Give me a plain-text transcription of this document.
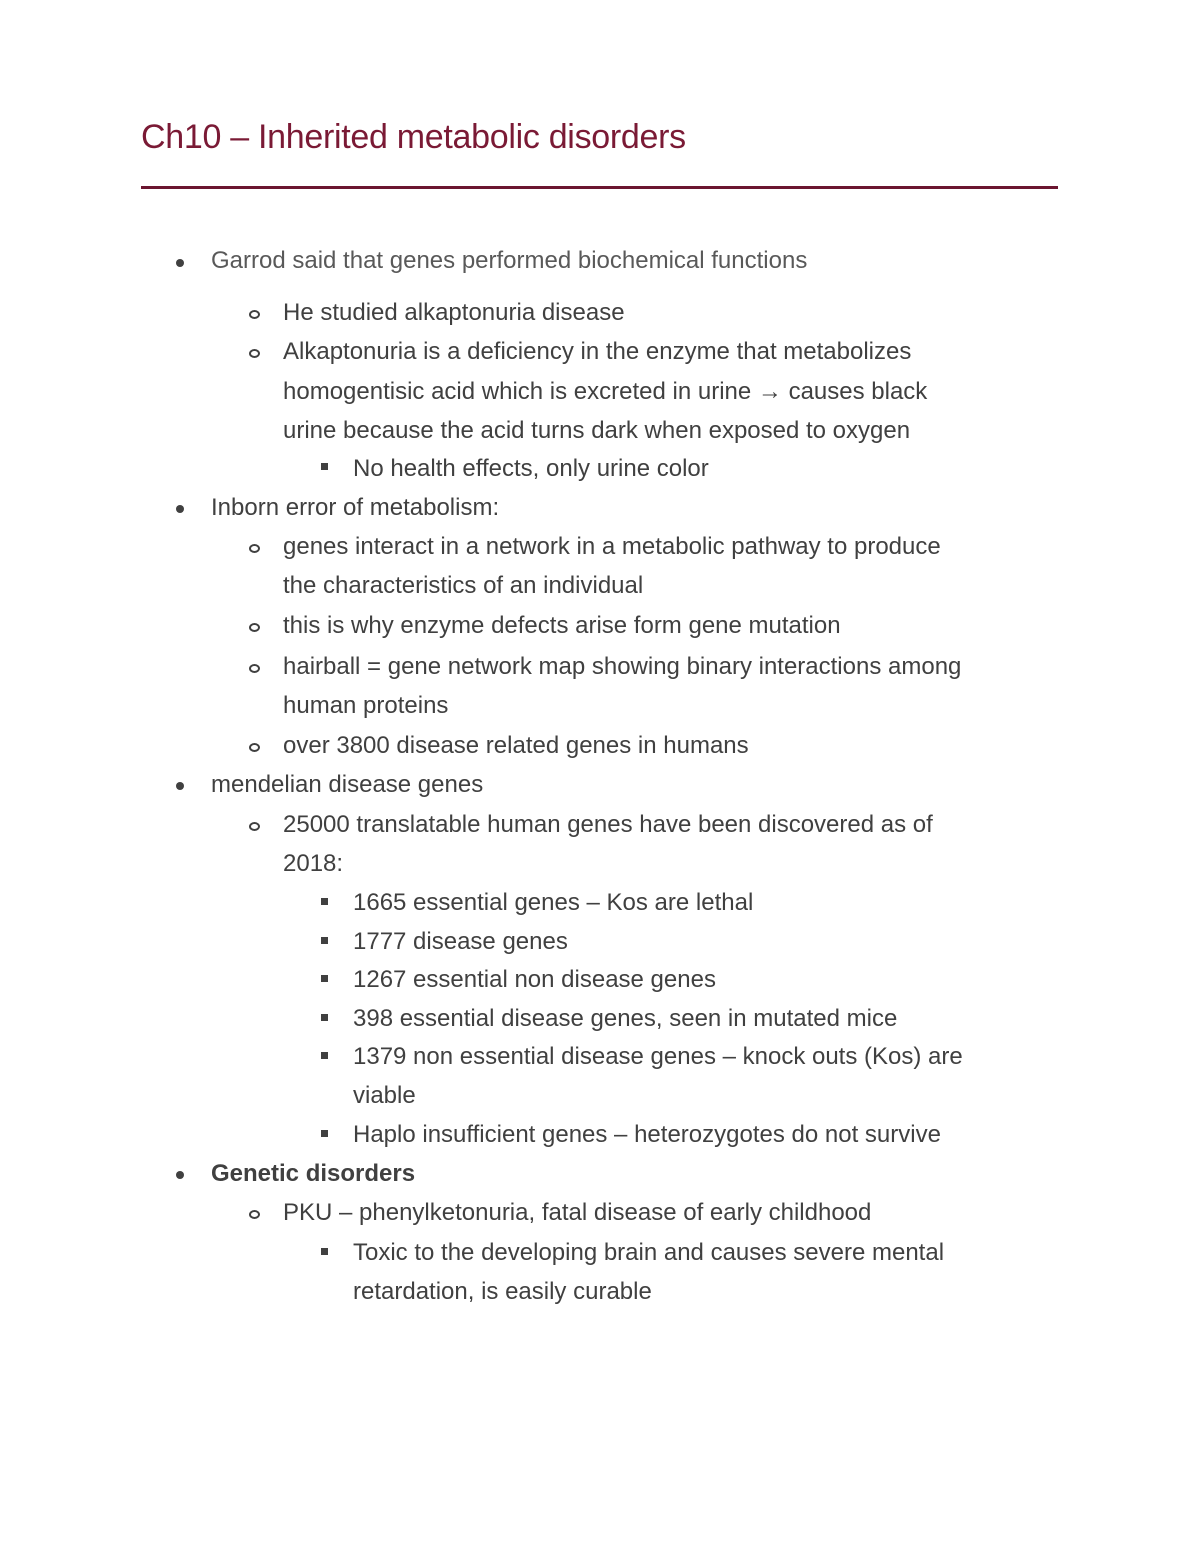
Ch10 – Inherited metabolic disorders
Garrod said that genes performed biochemical functions
He studied alkaptonuria disease
Alkaptonuria is a deficiency in the enzyme that metabolizes
homogentisic acid which is excreted in urine → causes black
urine because the acid turns dark when exposed to oxygen
No health effects, only urine color
Inborn error of metabolism:
genes interact in a network in a metabolic pathway to produce
the characteristics of an individual
this is why enzyme defects arise form gene mutation
hairball = gene network map showing binary interactions among
human proteins
over 3800 disease related genes in humans
mendelian disease genes
25000 translatable human genes have been discovered as of
2018:
1665 essential genes – Kos are lethal
1777 disease genes
1267 essential non disease genes
398 essential disease genes, seen in mutated mice
1379 non essential disease genes – knock outs (Kos) are
viable
Haplo insufficient genes – heterozygotes do not survive
Genetic disorders
PKU – phenylketonuria, fatal disease of early childhood
Toxic to the developing brain and causes severe mental
retardation, is easily curable
